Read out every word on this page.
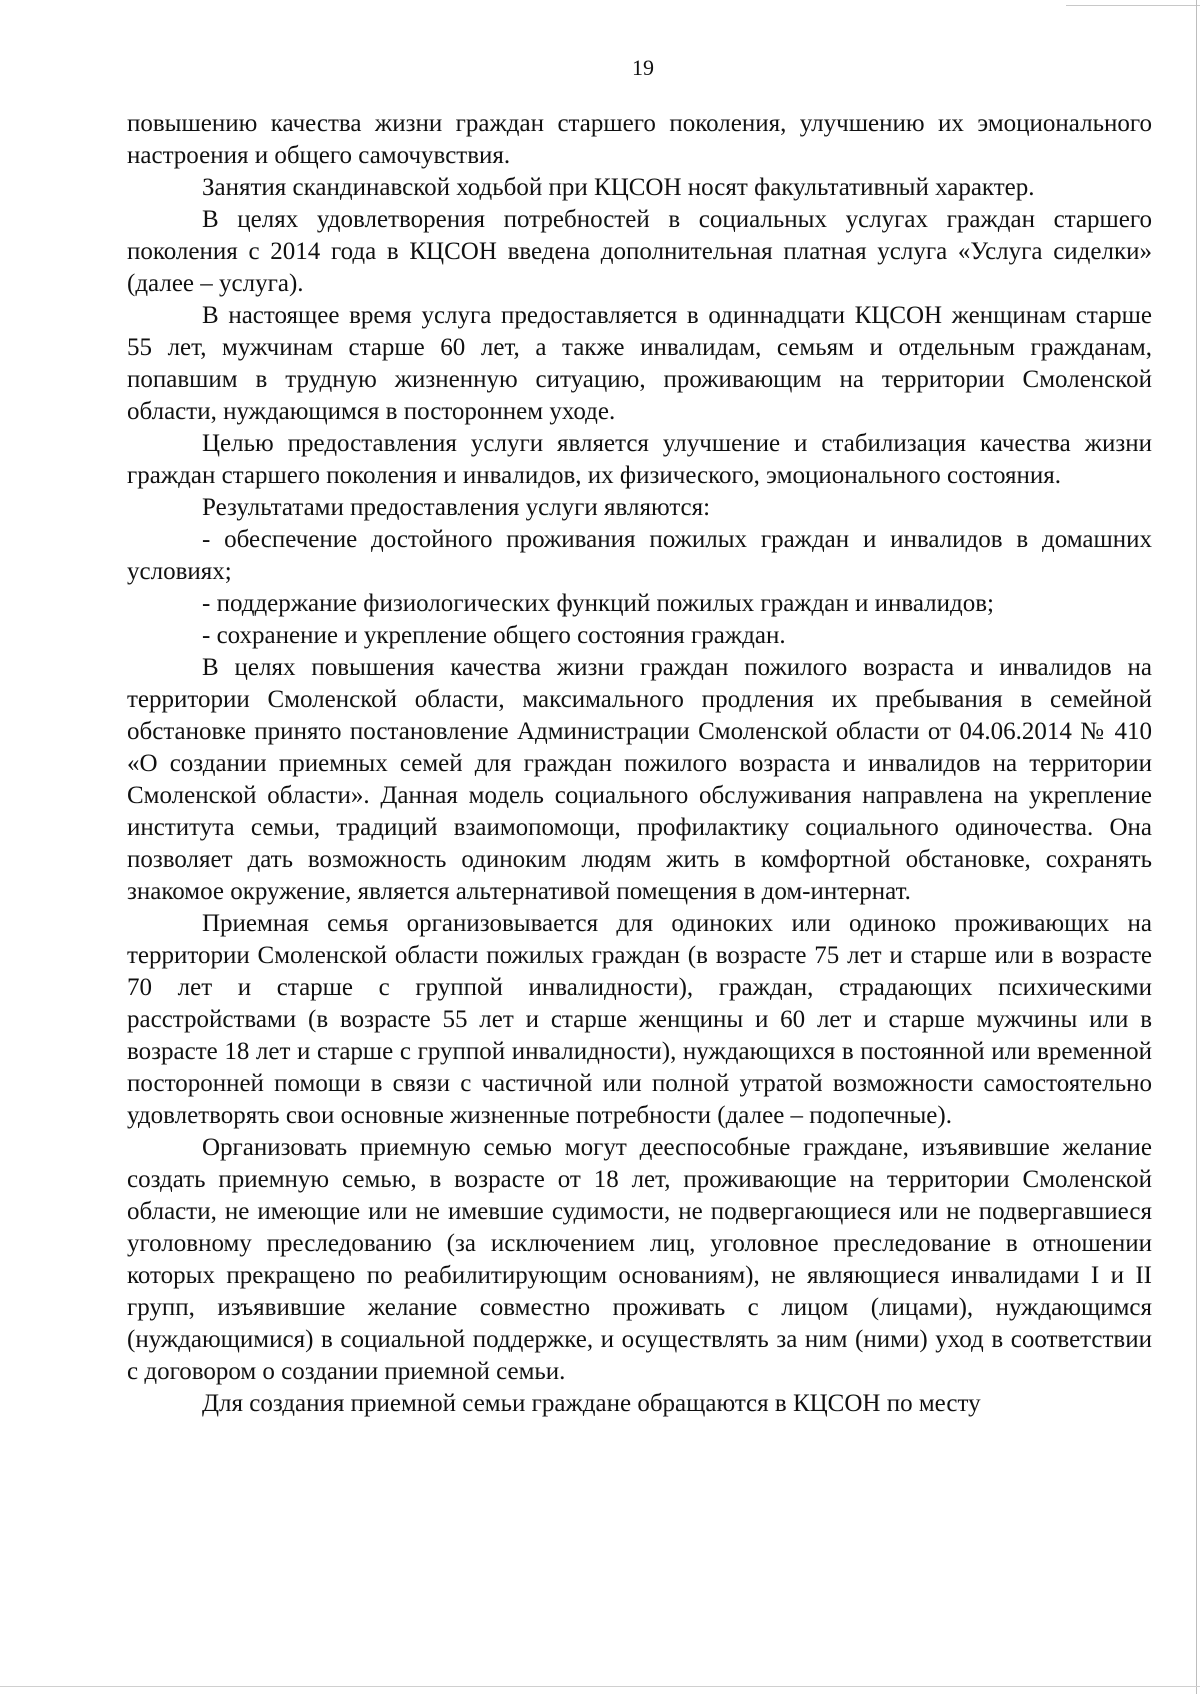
19

повышению качества жизни граждан старшего поколения, улучшению их эмоционального настроения и общего самочувствия.

Занятия скандинавской ходьбой при КЦСОН носят факультативный характер.

В целях удовлетворения потребностей в социальных услугах граждан старшего поколения с 2014 года в КЦСОН введена дополнительная платная услуга «Услуга сиделки» (далее – услуга).

В настоящее время услуга предоставляется в одиннадцати КЦСОН женщинам старше 55 лет, мужчинам старше 60 лет, а также инвалидам, семьям и отдельным гражданам, попавшим в трудную жизненную ситуацию, проживающим на территории Смоленской области, нуждающимся в постороннем уходе.

Целью предоставления услуги является улучшение и стабилизация качества жизни граждан старшего поколения и инвалидов, их физического, эмоционального состояния.

Результатами предоставления услуги являются:

- обеспечение достойного проживания пожилых граждан и инвалидов в домашних условиях;

- поддержание физиологических функций пожилых граждан и инвалидов;

- сохранение и укрепление общего состояния граждан.

В целях повышения качества жизни граждан пожилого возраста и инвалидов на территории Смоленской области, максимального продления их пребывания в семейной обстановке принято постановление Администрации Смоленской области от 04.06.2014 № 410 «О создании приемных семей для граждан пожилого возраста и инвалидов на территории Смоленской области». Данная модель социального обслуживания направлена на укрепление института семьи, традиций взаимопомощи, профилактику социального одиночества. Она позволяет дать возможность одиноким людям жить в комфортной обстановке, сохранять знакомое окружение, является альтернативой помещения в дом-интернат.

Приемная семья организовывается для одиноких или одиноко проживающих на территории Смоленской области пожилых граждан (в возрасте 75 лет и старше или в возрасте 70 лет и старше с группой инвалидности), граждан, страдающих психическими расстройствами (в возрасте 55 лет и старше женщины и 60 лет и старше мужчины или в возрасте 18 лет и старше с группой инвалидности), нуждающихся в постоянной или временной посторонней помощи в связи с частичной или полной утратой возможности самостоятельно удовлетворять свои основные жизненные потребности (далее – подопечные).

Организовать приемную семью могут дееспособные граждане, изъявившие желание создать приемную семью, в возрасте от 18 лет, проживающие на территории Смоленской области, не имеющие или не имевшие судимости, не подвергающиеся или не подвергавшиеся уголовному преследованию (за исключением лиц, уголовное преследование в отношении которых прекращено по реабилитирующим основаниям), не являющиеся инвалидами I и II групп, изъявившие желание совместно проживать с лицом (лицами), нуждающимся (нуждающимися) в социальной поддержке, и осуществлять за ним (ними) уход в соответствии с договором о создании приемной семьи.

Для создания приемной семьи граждане обращаются в КЦСОН по месту
